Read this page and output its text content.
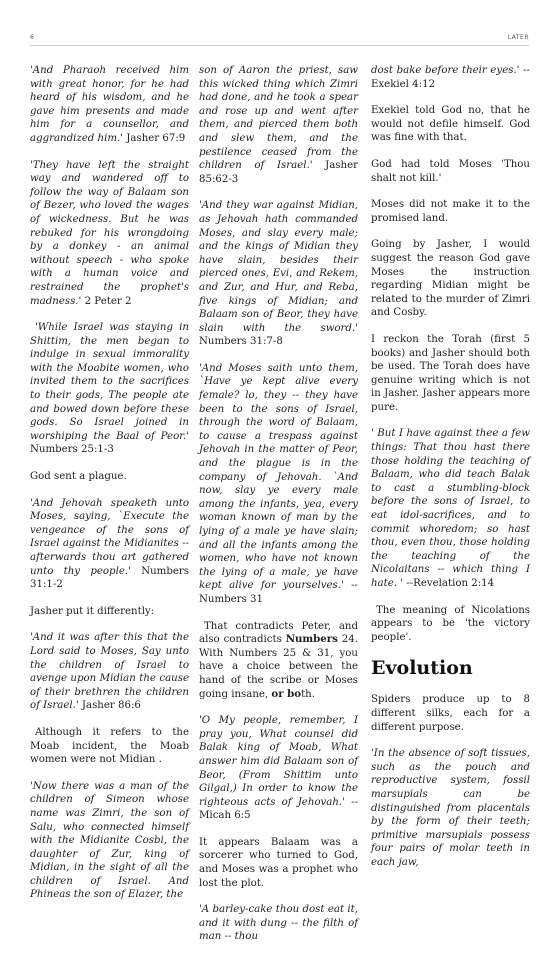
6	LATER

'And Pharaoh received him with great honor, for he had heard of his wisdom, and he gave him presents and made him for a counsellor, and aggrandized him.' Jasher 67:9

'They have left the straight way and wandered off to follow the way of Balaam son of Bezer, who loved the wages of wickedness. But he was rebuked for his wrongdoing by a donkey - an animal without speech - who spoke with a human voice and restrained the prophet's madness.' 2 Peter 2

'While Israel was staying in Shittim, the men began to indulge in sexual immorality with the Moabite women, who invited them to the sacrifices to their gods, The people ate and bowed down before these gods. So Israel joined in worshiping the Baal of Peor.' Numbers 25:1-3

God sent a plague.

'And Jehovah speaketh unto Moses, saying, `Execute the vengeance of the sons of Israel against the Midianites -- afterwards thou art gathered unto thy people.' Numbers 31:1-2

Jasher put it differently:

'And it was after this that the Lord said to Moses, Say unto the children of Israel to avenge upon Midian the cause of their brethren the children of Israel.' Jasher 86:6

Although it refers to the Moab incident, the Moab women were not Midian .

'Now there was a man of the children of Simeon whose name was Zimri, the son of Salu, who connected himself with the Midianite Cosbi, the daughter of Zur, king of Midian, in the sight of all the children of Israel. And Phineas the son of Elazer, the

son of Aaron the priest, saw this wicked thing which Zimri had done, and he took a spear and rose up and went after them, and pierced them both and slew them, and the pestilence ceased from the children of Israel.' Jasher 85:62-3

'And they war against Midian, as Jehovah hath commanded Moses, and slay every male; and the kings of Midian they have slain, besides their pierced ones, Evi, and Rekem, and Zur, and Hur, and Reba, five kings of Midian; and Balaam son of Beor, they have slain with the sword.' Numbers 31:7-8

'And Moses saith unto them, `Have ye kept alive every female? lo, they -- they have been to the sons of Israel, through the word of Balaam, to cause a trespass against Jehovah in the matter of Peor, and the plague is in the company of Jehovah. `And now, slay ye every male among the infants, yea, every woman known of man by the lying of a male ye have slain; and all the infants among the women, who have not known the lying of a male, ye have kept alive for yourselves.' -- Numbers 31

That contradicts Peter, and also contradicts Numbers 24. With Numbers 25 & 31, you have a choice between the hand of the scribe or Moses going insane, or both.

'O My people, remember, I pray you, What counsel did Balak king of Moab, What answer him did Balaam son of Beor, (From Shittim unto Gilgal,) In order to know the righteous acts of Jehovah.' --Micah 6:5

It appears Balaam was a sorcerer who turned to God, and Moses was a prophet who lost the plot.

'A barley-cake thou dost eat it, and it with dung -- the filth of man -- thou

dost bake before their eyes.' --Exekiel 4:12

Exekiel told God no, that he would not defile himself. God was fine with that.

God had told Moses 'Thou shalt not kill.'

Moses did not make it to the promised land.

Going by Jasher, I would suggest the reason God gave Moses the instruction regarding Midian might be related to the murder of Zimri and Cosby.

I reckon the Torah (first 5 books) and Jasher should both be used. The Torah does have genuine writing which is not in Jasher. Jasher appears more pure.

' But I have against thee a few things: That thou hast there those holding the teaching of Balaam, who did teach Balak to cast a stumbling-block before the sons of Israel, to eat idol-sacrifices, and to commit whoredom; so hast thou, even thou, those holding the teaching of the Nicolaitans -- which thing I hate. ' --Revelation 2:14

The meaning of Nicolations appears to be 'the victory people'.

Evolution

Spiders produce up to 8 different silks, each for a different purpose.

'In the absence of soft tissues, such as the pouch and reproductive system, fossil marsupials can be distinguished from placentals by the form of their teeth; primitive marsupials possess four pairs of molar teeth in each jaw,
